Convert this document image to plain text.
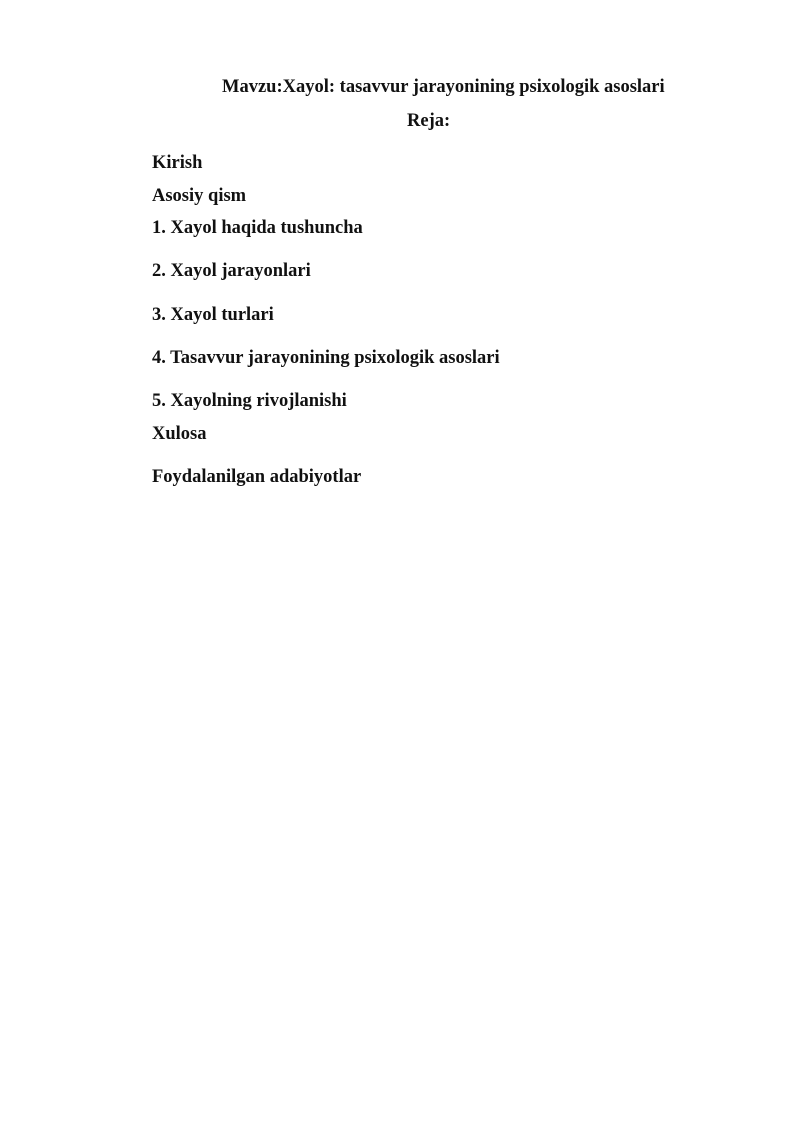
Mavzu:Xayol: tasavvur jarayonining psixologik asoslari

Reja:

Kirish

Asosiy qism

1. Xayol haqida tushuncha

2. Xayol jarayonlari

3. Xayol turlari

4. Tasavvur jarayonining psixologik asoslari

5. Xayolning rivojlanishi

Xulosa

Foydalanilgan adabiyotlar
